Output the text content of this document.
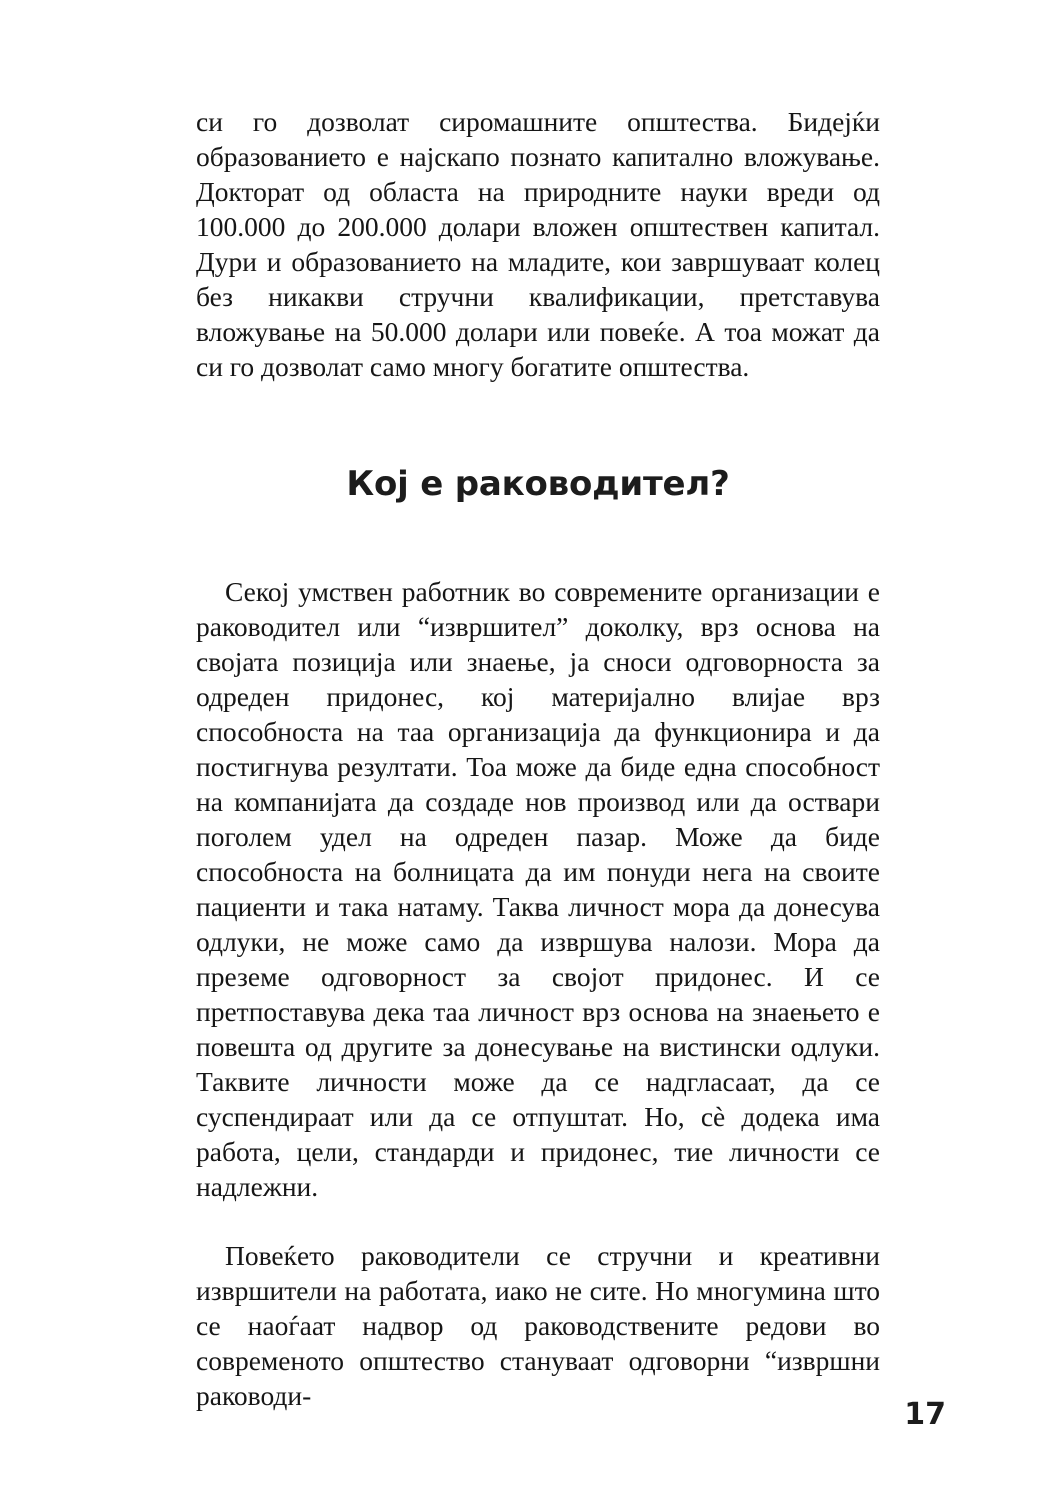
си го дозволат сиромашните општества. Бидејќи образованието е најскапо познато капитално вложување. Докторат од областа на природните науки вреди од 100.000 до 200.000 долари вложен општествен капитал. Дури и образованието на младите, кои завршуваат колец без никакви стручни квалификации, претставува вложување на 50.000 долари или повеќе. А тоа можат да си го дозволат само многу богатите општества.

Кој е раководител?

Секој умствен работник во современите организации е раководител или “извршител” доколку, врз основа на својата позиција или знаење, ја сноси одговорноста за одреден придонес, кој материјално влијае врз способноста на таа организација да функционира и да постигнува резултати. Тоа може да биде една способност на компанијата да создаде нов производ или да оствари поголем удел на одреден пазар. Може да биде способноста на болницата да им понуди нега на своите пациенти и така натаму. Таква личност мора да донесува одлуки, не може само да извршува налози. Мора да преземе одговорност за својот придонес. И се претпоставува дека таа личност врз основа на знаењето е повешта од другите за донесување на вистински одлуки. Таквите личности може да се надгласаат, да се суспендираат или да се отпуштат. Но, сѐ додека има работа, цели, стандарди и придонес, тие личности се надлежни.

Повеќето раководители се стручни и креативни извршители на работата, иако не сите. Но многумина што се наоѓаат надвор од раководствените редови во современото општество стануваат одговорни “извршни раководи-

17
